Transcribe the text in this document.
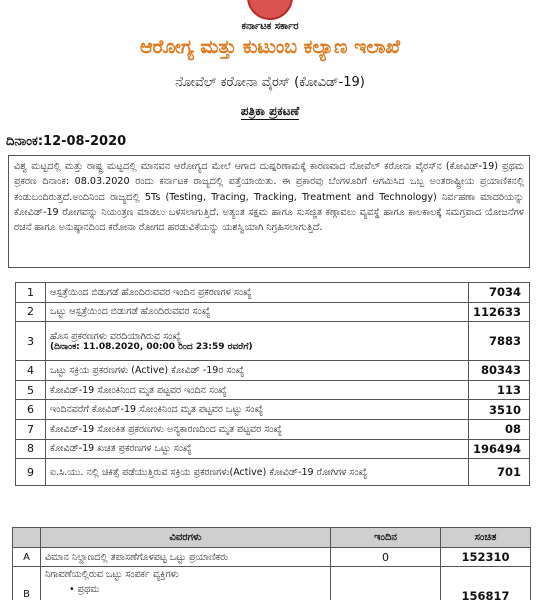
ಕರ್ನಾಟಕ ಸರ್ಕಾರ
ಆರೋಗ್ಯ ಮತ್ತು ಕುಟುಂಬ ಕಲ್ಯಾಣ ಇಲಾಖೆ
ನೋವೆಲ್ ಕರೋನಾ ವೈರಸ್ (ಕೋವಿಡ್-19)
ಪತ್ರಿಕಾ ಪ್ರಕಟಣೆ
ದಿನಾಂಕ:12-08-2020
ವಿಶ್ವ ಮಟ್ಟದಲ್ಲಿ ಮತ್ತು ರಾಷ್ಟ್ರ ಮಟ್ಟದಲ್ಲಿ ಮಾನವನ ಆರೋಗ್ಯದ ಮೇಲೆ ಆಗಾದ ದುಷ್ಪರಿಣಾಮಕ್ಕೆ ಕಾರಣವಾದ ನೋವೆಲ್ ಕರೋನಾ ವೈರಸ್‌ನ (ಕೋವಿಡ್-19) ಪ್ರಥಮ ಪ್ರಕರಣ ದಿನಾಂಕ: 08.03.2020 ರಂದು ಕರ್ನಾಟಕ ರಾಜ್ಯದಲ್ಲಿ ಪತ್ತೆಯಾಯಿತು. ಈ ಪ್ರಕಾರವು ಬೆಂಗಳೂರಿಗೆ ಆಗಮಿಸಿದ ಒಬ್ಬ ಅಂತರಾಷ್ಟ್ರೀಯ ಪ್ರಯಾಣಿಕನಲ್ಲಿ ಕಂಡುಬಂದಿರುತ್ತದೆ.ಅಂದಿನಿಂದ ರಾಜ್ಯದಲ್ಲಿ 5Ts (Testing, Tracing, Tracking, Treatment and Technology) ನಿರ್ವಹಣಾ ಮಾದರಿಯನ್ನು ಕೋವಿಡ್-19 ರೋಗವನ್ನು ನಿಯಂತ್ರಣ ಮಾಡಲು ಬಳಸಲಾಗುತ್ತಿದೆ. ಅತ್ಯಂತ ಸಕ್ಷಮ ಹಾಗೂ ಸುಸಜ್ಜಿತ ಕಣ್ಗಾವಲು ವ್ಯವಸ್ಥೆ ಹಾಗೂ ಕಾಲಕಾಲಕ್ಕೆ ಸಮಗ್ರವಾದ ಯೋಜನೆಗಳ ರಚನೆ ಹಾಗೂ ಅನುಷ್ಠಾನದಿಂದ ಕರೋನಾ ರೋಗದ ಹರಡುವಿಕೆಯನ್ನು ಯಶಸ್ವಿಯಾಗಿ ನಿಗ್ರಹಿಸಲಾಗುತ್ತಿದೆ.
1	ಆಸ್ಪತ್ರೆಯಿಂದ ಬಿಡುಗಡೆ ಹೊಂದಿರುವವರ ಇಂದಿನ ಪ್ರಕರಣಗಳ ಸಂಖ್ಯೆ	7034
2	ಒಟ್ಟು ಆಸ್ಪತ್ರೆಯಿಂದ ಬಿಡುಗಡೆ ಹೊಂದಿರುವವರ ಸಂಖ್ಯೆ	112633
3	ಹೊಸ ಪ್ರಕರಣಗಳು ವರದಿಯಾಗಿರುವ ಸಂಖ್ಯೆ
(ದಿನಾಂಕ: 11.08.2020, 00:00 ರಿಂದ 23:59 ರವರೆಗೆ)	7883
4	ಒಟ್ಟು ಸಕ್ರಿಯ ಪ್ರಕರಣಗಳು (Active) ಕೋವಿಡ್ -19ರ ಸಂಖ್ಯೆ	80343
5	ಕೋವಿಡ್-19 ಸೋಂಕಿನಿಂದ ಮೃತ ಪಟ್ಟವರ ಇಂದಿನ ಸಂಖ್ಯೆ	113
6	ಇಂದಿನವರೆಗೆ ಕೋವಿಡ್-19 ಸೋಂಕಿನಿಂದ ಮೃತ ಪಟ್ಟವರ ಒಟ್ಟು ಸಂಖ್ಯೆ	3510
7	ಕೋವಿಡ್-19 ಸೋಂಕಿತ ಪ್ರಕರಣಗಳು ಅನ್ಯಕಾರಣದಿಂದ ಮೃತ ಪಟ್ಟವರ ಸಂಖ್ಯೆ	08
8	ಕೋವಿಡ್-19 ಖಚಿತ ಪ್ರಕರಣಗಳ ಒಟ್ಟು ಸಂಖ್ಯೆ	196494
9	ಐ.ಸಿ.ಯು. ನಲ್ಲಿ ಚಿಕಿತ್ಸೆ ಪಡೆಯುತ್ತಿರುವ ಸಕ್ರಿಯ ಪ್ರಕರಣಗಳು(Active) ಕೋವಿಡ್-19 ರೋಗಿಗಳ ಸಂಖ್ಯೆ	701
	ವಿವರಗಳು	ಇಂದಿನ	ಸಂಚಿತ
A	ವಿಮಾನ ನಿಲ್ದಾಣದಲ್ಲಿ ತಪಾಸಣೆಗೊಳಪಟ್ಟ ಒಟ್ಟು ಪ್ರಯಾಣಿಕರು	0	152310

B	ನಿಗಾವಣೆಯಲ್ಲಿರುವ ಒಟ್ಟು ಸಂಪರ್ಕ ವ್ಯಕ್ತಿಗಳು
• ಪ್ರಥಮ		156817
